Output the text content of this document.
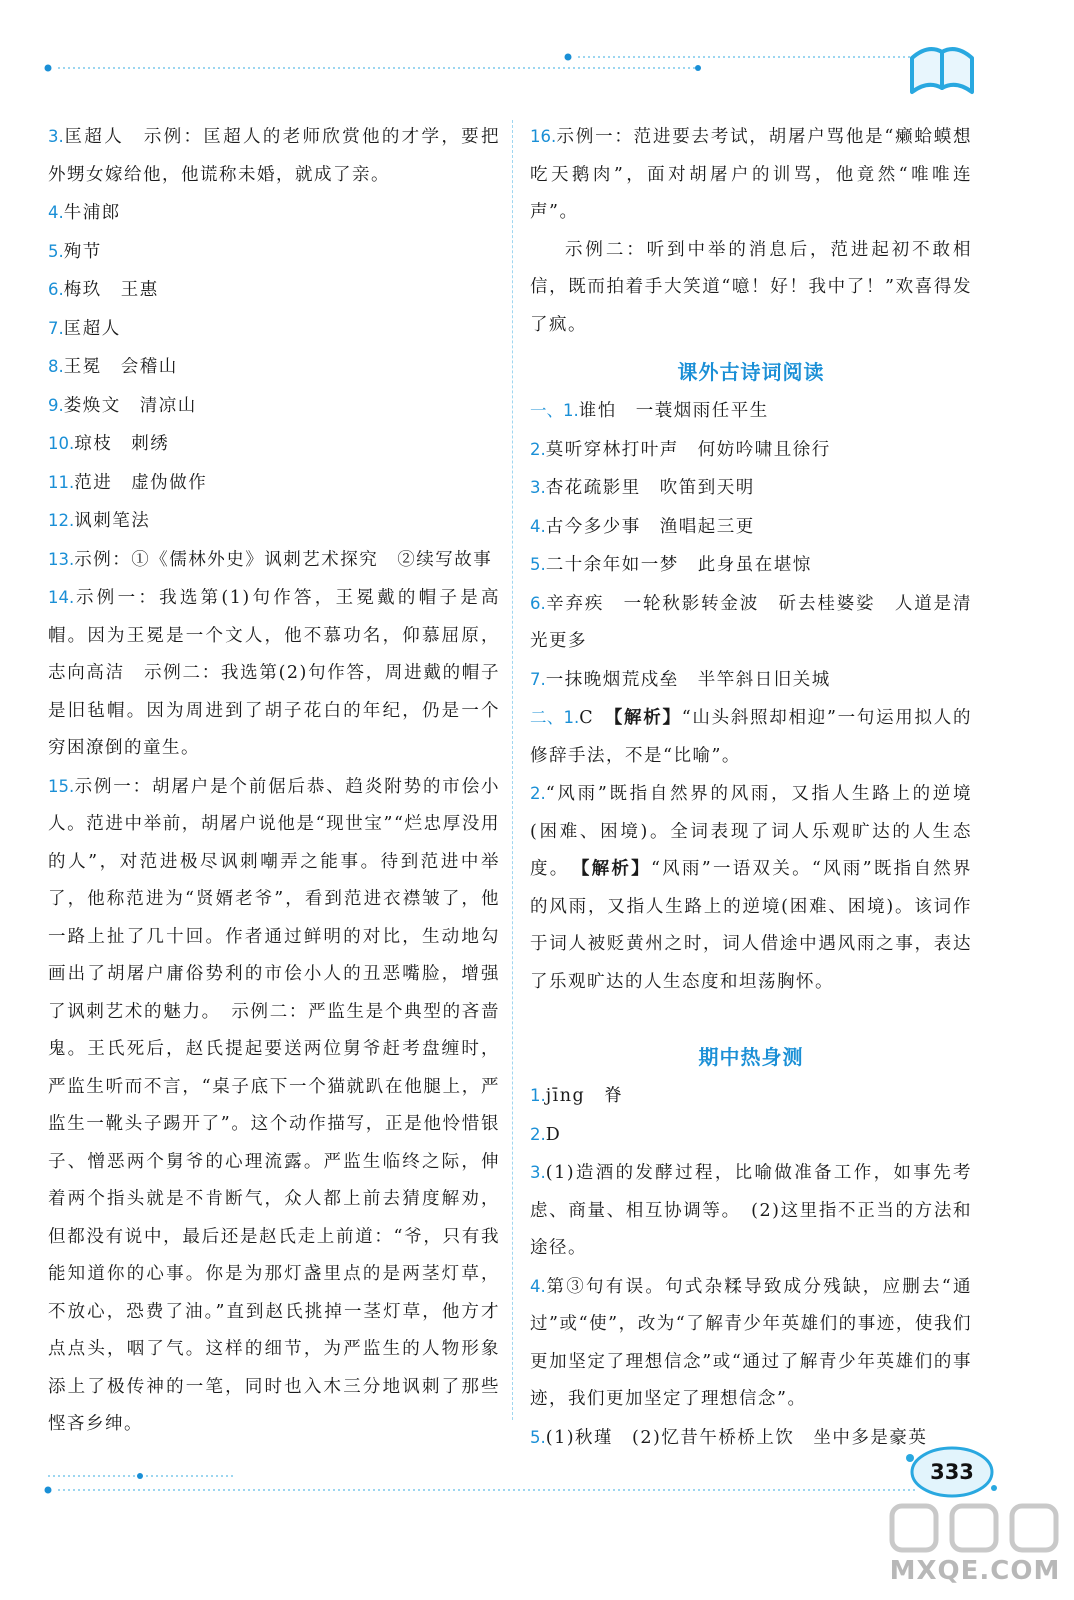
3.匡超人　示例：匡超人的老师欣赏他的才学，要把外甥女嫁给他，他谎称未婚，就成了亲。

4.牛浦郎

5.殉节

6.梅玖　王惠

7.匡超人

8.王冕　会稽山

9.娄焕文　清凉山

10.琼枝　刺绣

11.范进　虚伪做作

12.讽刺笔法

13.示例：①《儒林外史》讽刺艺术探究　②续写故事

14.示例一：我选第(1)句作答，王冕戴的帽子是高帽。因为王冕是一个文人，他不慕功名，仰慕屈原，志向高洁　示例二：我选第(2)句作答，周进戴的帽子是旧毡帽。因为周进到了胡子花白的年纪，仍是一个穷困潦倒的童生。

15.示例一：胡屠户是个前倨后恭、趋炎附势的市侩小人。范进中举前，胡屠户说他是“现世宝”“烂忠厚没用的人”，对范进极尽讽刺嘲弄之能事。待到范进中举了，他称范进为“贤婿老爷”，看到范进衣襟皱了，他一路上扯了几十回。作者通过鲜明的对比，生动地勾画出了胡屠户庸俗势利的市侩小人的丑恶嘴脸，增强了讽刺艺术的魅力。　示例二：严监生是个典型的吝啬鬼。王氏死后，赵氏提起要送两位舅爷赶考盘缠时，严监生听而不言，“桌子底下一个猫就趴在他腿上，严监生一靴头子踢开了”。这个动作描写，正是他怜惜银子、憎恶两个舅爷的心理流露。严监生临终之际，伸着两个指头就是不肯断气，众人都上前去猜度解劝，但都没有说中，最后还是赵氏走上前道：“爷，只有我能知道你的心事。你是为那灯盏里点的是两茎灯草，不放心，恐费了油。”直到赵氏挑掉一茎灯草，他方才点点头，咽了气。这样的细节，为严监生的人物形象添上了极传神的一笔，同时也入木三分地讽刺了那些悭吝乡绅。

16.示例一：范进要去考试，胡屠户骂他是“癞蛤蟆想吃天鹅肉”，面对胡屠户的训骂，他竟然“唯唯连声”。

示例二：听到中举的消息后，范进起初不敢相信，既而拍着手大笑道“噫！好！我中了！”欢喜得发了疯。

课外古诗词阅读

一、1.谁怕　一蓑烟雨任平生

2.莫听穿林打叶声　何妨吟啸且徐行

3.杏花疏影里　吹笛到天明

4.古今多少事　渔唱起三更

5.二十余年如一梦　此身虽在堪惊

6.辛弃疾　一轮秋影转金波　斫去桂婆娑　人道是清光更多

7.一抹晚烟荒戍垒　半竿斜日旧关城

二、1.C　【解析】“山头斜照却相迎”一句运用拟人的修辞手法，不是“比喻”。

2.“风雨”既指自然界的风雨，又指人生路上的逆境(困难、困境)。全词表现了词人乐观旷达的人生态度。　【解析】“风雨”一语双关。“风雨”既指自然界的风雨，又指人生路上的逆境(困难、困境)。该词作于词人被贬黄州之时，词人借途中遇风雨之事，表达了乐观旷达的人生态度和坦荡胸怀。

期中热身测

1.jīng　脊

2.D

3.(1)造酒的发酵过程，比喻做准备工作，如事先考虑、商量、相互协调等。　(2)这里指不正当的方法和途径。

4.第③句有误。句式杂糅导致成分残缺，应删去“通过”或“使”，改为“了解青少年英雄们的事迹，使我们更加坚定了理想信念”或“通过了解青少年英雄们的事迹，我们更加坚定了理想信念”。

5.(1)秋瑾　(2)忆昔午桥桥上饮　坐中多是豪英

333
MXQE.COM
